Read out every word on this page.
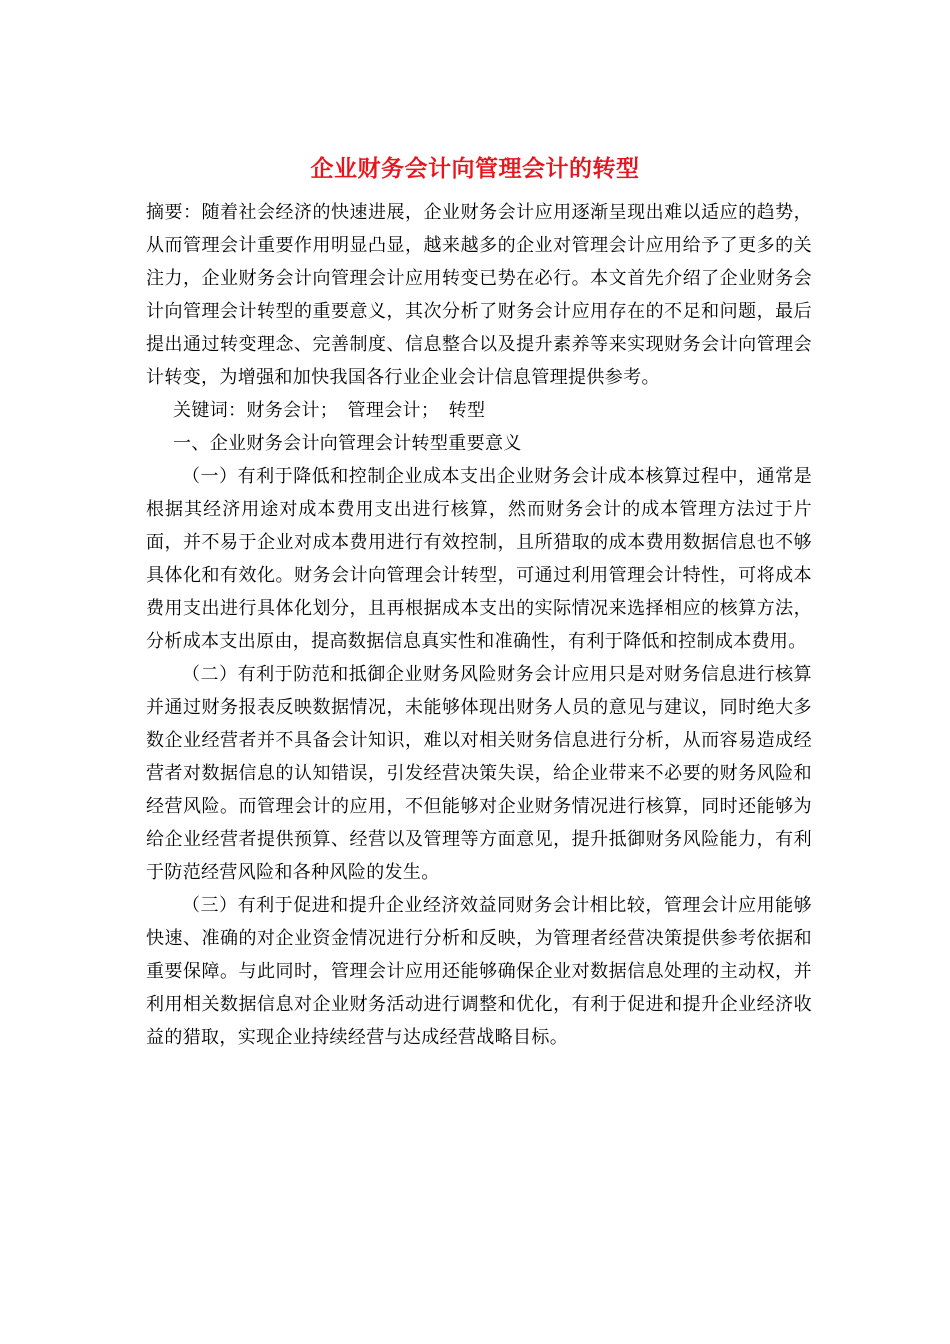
企业财务会计向管理会计的转型

摘要：随着社会经济的快速进展，企业财务会计应用逐渐呈现出难以适应的趋势，从而管理会计重要作用明显凸显，越来越多的企业对管理会计应用给予了更多的关注力，企业财务会计向管理会计应用转变已势在必行。本文首先介绍了企业财务会计向管理会计转型的重要意义，其次分析了财务会计应用存在的不足和问题，最后提出通过转变理念、完善制度、信息整合以及提升素养等来实现财务会计向管理会计转变，为增强和加快我国各行业企业会计信息管理提供参考。

关键词：财务会计；　管理会计；　转型

一、企业财务会计向管理会计转型重要意义

（一）有利于降低和控制企业成本支出企业财务会计成本核算过程中，通常是根据其经济用途对成本费用支出进行核算，然而财务会计的成本管理方法过于片面，并不易于企业对成本费用进行有效控制，且所猎取的成本费用数据信息也不够具体化和有效化。财务会计向管理会计转型，可通过利用管理会计特性，可将成本费用支出进行具体化划分，且再根据成本支出的实际情况来选择相应的核算方法，分析成本支出原由，提高数据信息真实性和准确性，有利于降低和控制成本费用。

（二）有利于防范和抵御企业财务风险财务会计应用只是对财务信息进行核算并通过财务报表反映数据情况，未能够体现出财务人员的意见与建议，同时绝大多数企业经营者并不具备会计知识，难以对相关财务信息进行分析，从而容易造成经营者对数据信息的认知错误，引发经营决策失误，给企业带来不必要的财务风险和经营风险。而管理会计的应用，不但能够对企业财务情况进行核算，同时还能够为给企业经营者提供预算、经营以及管理等方面意见，提升抵御财务风险能力，有利于防范经营风险和各种风险的发生。

（三）有利于促进和提升企业经济效益同财务会计相比较，管理会计应用能够快速、准确的对企业资金情况进行分析和反映，为管理者经营决策提供参考依据和重要保障。与此同时，管理会计应用还能够确保企业对数据信息处理的主动权，并利用相关数据信息对企业财务活动进行调整和优化，有利于促进和提升企业经济收益的猎取，实现企业持续经营与达成经营战略目标。
